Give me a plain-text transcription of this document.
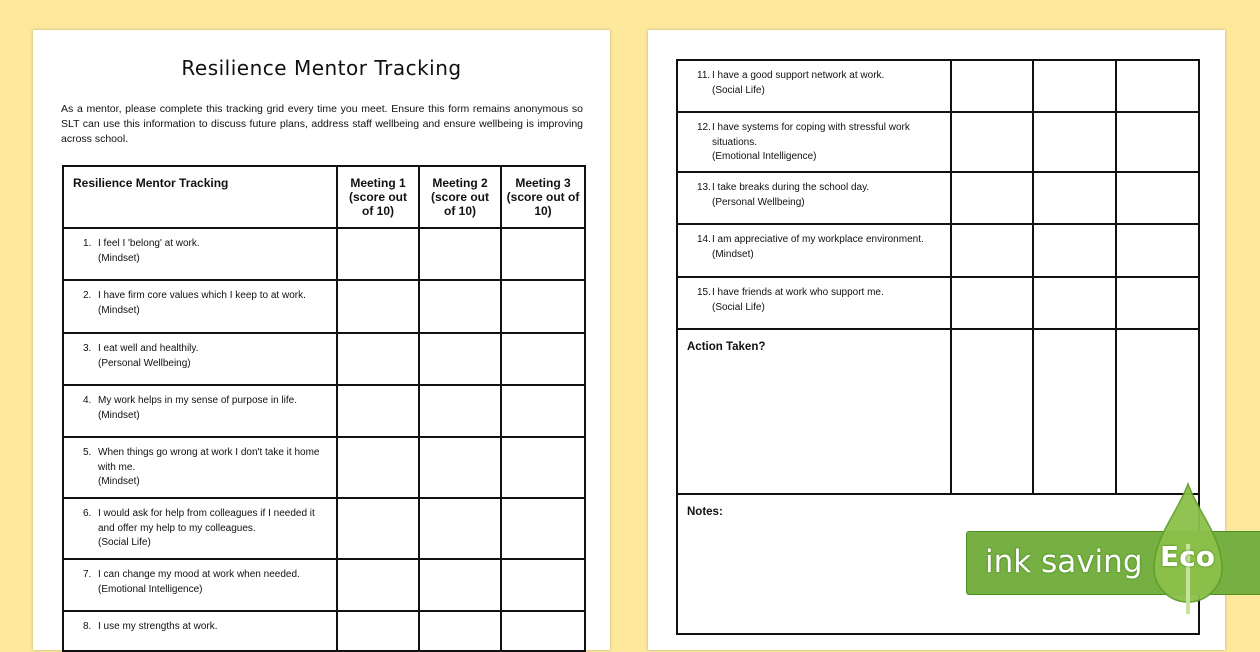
Resilience Mentor Tracking
As a mentor, please complete this tracking grid every time you meet. Ensure this form remains anonymous so SLT can use this information to discuss future plans, address staff wellbeing and ensure wellbeing is improving across school.
Resilience Mentor Tracking	Meeting 1 (score out of 10)	Meeting 2 (score out of 10)	Meeting 3 (score out of 10)
1. I feel I 'belong' at work.
(Mindset)			
2. I have firm core values which I keep to at work.
(Mindset)			
3. I eat well and healthily.
(Personal Wellbeing)			
4. My work helps in my sense of purpose in life.
(Mindset)			
5. When things go wrong at work I don't take it home with me.
(Mindset)			
6. I would ask for help from colleagues if I needed it and offer my help to my colleagues.
(Social Life)			
7. I can change my mood at work when needed.
(Emotional Intelligence)			
8. I use my strengths at work.

11. I have a good support network at work.
(Social Life)			
12.I have systems for coping with stressful work situations.
(Emotional Intelligence)			
13.I take breaks during the school day.
(Personal Wellbeing)			
14.I am appreciative of my workplace environment.
(Mindset)			
15.I have friends at work who support me.
(Social Life)			
Action Taken?			
Notes:			
ink saving Eco
